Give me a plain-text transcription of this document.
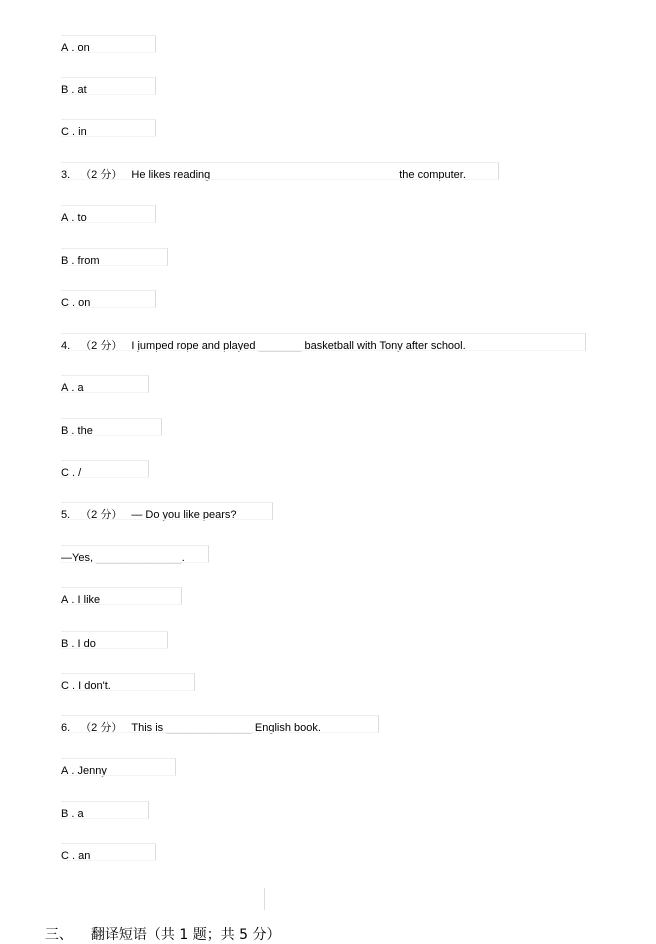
A . on
B . at
C . in
3. （2 分） He likes reading	the computer.
A . to
B . from
C . on
4. （2 分） I jumped rope and played _______ basketball with Tony after school.
A . a
B . the
C . /
5. （2 分） — Do you like pears?
—Yes, ______________.
A . I like
B . I do
C . I don't.
6. （2 分） This is ______________ English book.
A . Jenny
B . a
C . an

三、 翻译短语（共 1 题；共 5 分）
